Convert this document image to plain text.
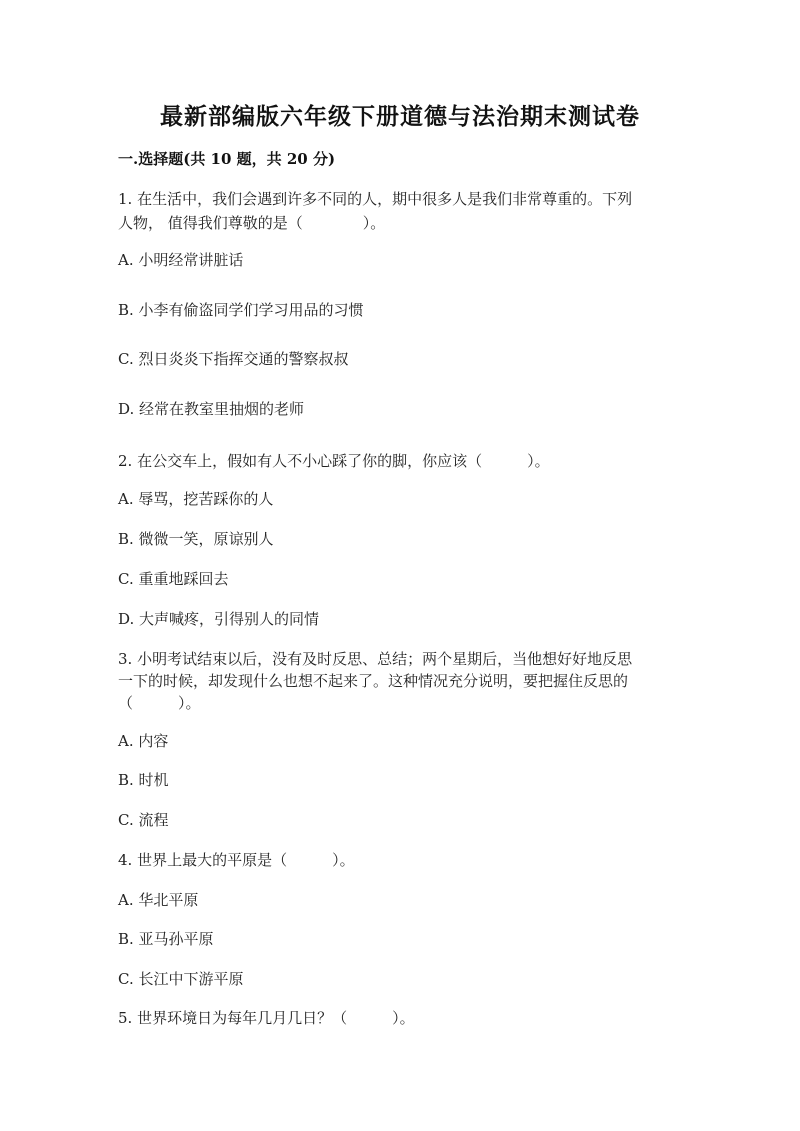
最新部编版六年级下册道德与法治期末测试卷
一.选择题(共 10 题，共 20 分)
1. 在生活中，我们会遇到许多不同的人，期中很多人是我们非常尊重的。下列
人物， 值得我们尊敬的是（　　　　）。
A. 小明经常讲脏话
B. 小李有偷盗同学们学习用品的习惯
C. 烈日炎炎下指挥交通的警察叔叔
D. 经常在教室里抽烟的老师
2. 在公交车上，假如有人不小心踩了你的脚，你应该（　　　）。
A. 辱骂，挖苦踩你的人
B. 微微一笑，原谅别人
C. 重重地踩回去
D. 大声喊疼，引得别人的同情
3. 小明考试结束以后，没有及时反思、总结；两个星期后，当他想好好地反思
一下的时候，却发现什么也想不起来了。这种情况充分说明，要把握住反思的
（　　　）。
A. 内容
B. 时机
C. 流程
4. 世界上最大的平原是（　　　）。
A. 华北平原
B. 亚马孙平原
C. 长江中下游平原
5. 世界环境日为每年几月几日？（　　　）。
